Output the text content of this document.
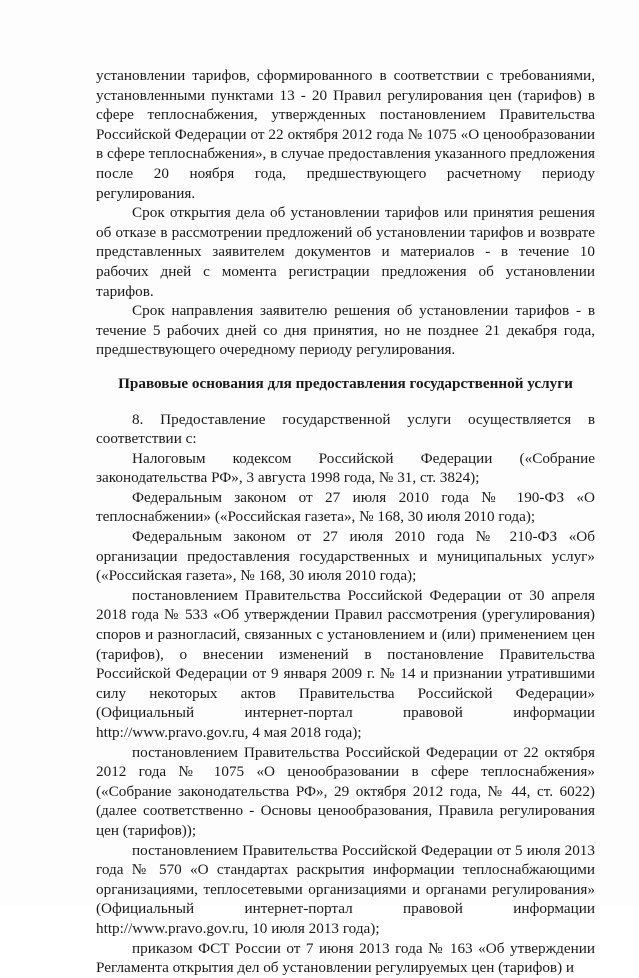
установлении тарифов, сформированного в соответствии с требованиями, установленными пунктами 13 - 20 Правил регулирования цен (тарифов) в сфере теплоснабжения, утвержденных постановлением Правительства Российской Федерации от 22 октября 2012 года № 1075 «О ценообразовании в сфере теплоснабжения», в случае предоставления указанного предложения после 20 ноября года, предшествующего расчетному периоду регулирования.

Срок открытия дела об установлении тарифов или принятия решения об отказе в рассмотрении предложений об установлении тарифов и возврате представленных заявителем документов и материалов - в течение 10 рабочих дней с момента регистрации предложения об установлении тарифов.

Срок направления заявителю решения об установлении тарифов - в течение 5 рабочих дней со дня принятия, но не позднее 21 декабря года, предшествующего очередному периоду регулирования.

Правовые основания для предоставления государственной услуги

8. Предоставление государственной услуги осуществляется в соответствии с:

Налоговым кодексом Российской Федерации («Собрание законодательства РФ», 3 августа 1998 года, № 31, ст. 3824);

Федеральным законом от 27 июля 2010 года № 190-ФЗ «О теплоснабжении» («Российская газета», № 168, 30 июля 2010 года);

Федеральным законом от 27 июля 2010 года № 210-ФЗ «Об организации предоставления государственных и муниципальных услуг» («Российская газета», № 168, 30 июля 2010 года);

постановлением Правительства Российской Федерации от 30 апреля 2018 года № 533 «Об утверждении Правил рассмотрения (урегулирования) споров и разногласий, связанных с установлением и (или) применением цен (тарифов), о внесении изменений в постановление Правительства Российской Федерации от 9 января 2009 г. № 14 и признании утратившими силу некоторых актов Правительства Российской Федерации» (Официальный интернет-портал правовой информации http://www.pravo.gov.ru, 4 мая 2018 года);

постановлением Правительства Российской Федерации от 22 октября 2012 года № 1075 «О ценообразовании в сфере теплоснабжения» («Собрание законодательства РФ», 29 октября 2012 года, № 44, ст. 6022) (далее соответственно - Основы ценообразования, Правила регулирования цен (тарифов));

постановлением Правительства Российской Федерации от 5 июля 2013 года № 570 «О стандартах раскрытия информации теплоснабжающими организациями, теплосетевыми организациями и органами регулирования» (Официальный интернет-портал правовой информации http://www.pravo.gov.ru, 10 июля 2013 года);

приказом ФСТ России от 7 июня 2013 года № 163 «Об утверждении Регламента открытия дел об установлении регулируемых цен (тарифов) и
